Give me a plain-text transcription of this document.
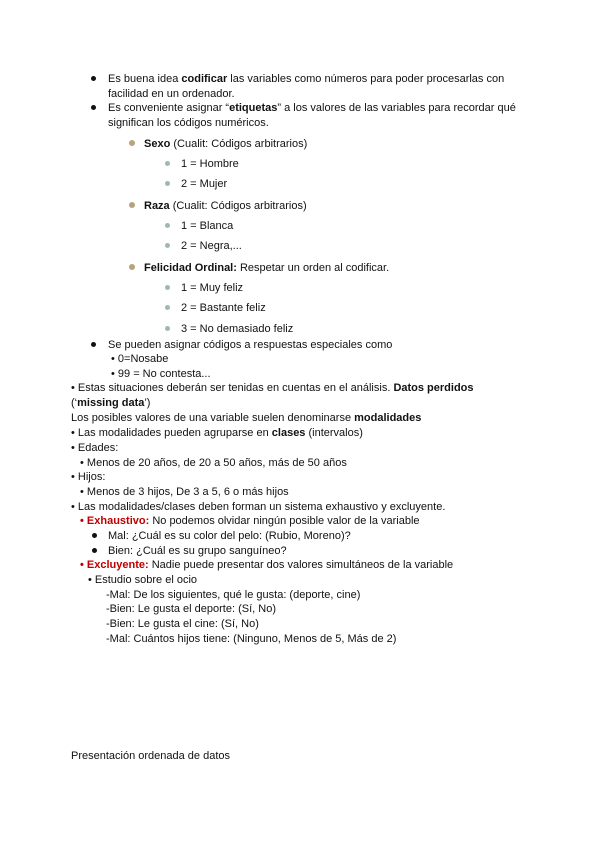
Es buena idea codificar las variables como números para poder procesarlas con
facilidad en un ordenador.
Es conveniente asignar “etiquetas” a los valores de las variables para recordar qué
significan los códigos numéricos.
Sexo (Cualit: Códigos arbitrarios)
1 = Hombre
2 = Mujer
Raza (Cualit: Códigos arbitrarios)
1 = Blanca
2 = Negra,...
Felicidad Ordinal: Respetar un orden al codificar.
1 = Muy feliz
2 = Bastante feliz
3 = No demasiado feliz
Se pueden asignar códigos a respuestas especiales como
• 0=Nosabe
• 99 = No contesta...
• Estas situaciones deberán ser tenidas en cuentas en el análisis. Datos perdidos
(‘missing data’)
Los posibles valores de una variable suelen denominarse modalidades
• Las modalidades pueden agruparse en clases (intervalos)
• Edades:
• Menos de 20 años, de 20 a 50 años, más de 50 años
• Hijos:
• Menos de 3 hijos, De 3 a 5, 6 o más hijos
• Las modalidades/clases deben forman un sistema exhaustivo y excluyente.
• Exhaustivo: No podemos olvidar ningún posible valor de la variable
Mal: ¿Cuál es su color del pelo: (Rubio, Moreno)?
Bien: ¿Cuál es su grupo sanguíneo?
• Excluyente: Nadie puede presentar dos valores simultáneos de la variable
• Estudio sobre el ocio
-Mal: De los siguientes, qué le gusta: (deporte, cine)
-Bien: Le gusta el deporte: (Sí, No)
-Bien: Le gusta el cine: (Sí, No)
-Mal: Cuántos hijos tiene: (Ninguno, Menos de 5, Más de 2)
Presentación ordenada de datos
